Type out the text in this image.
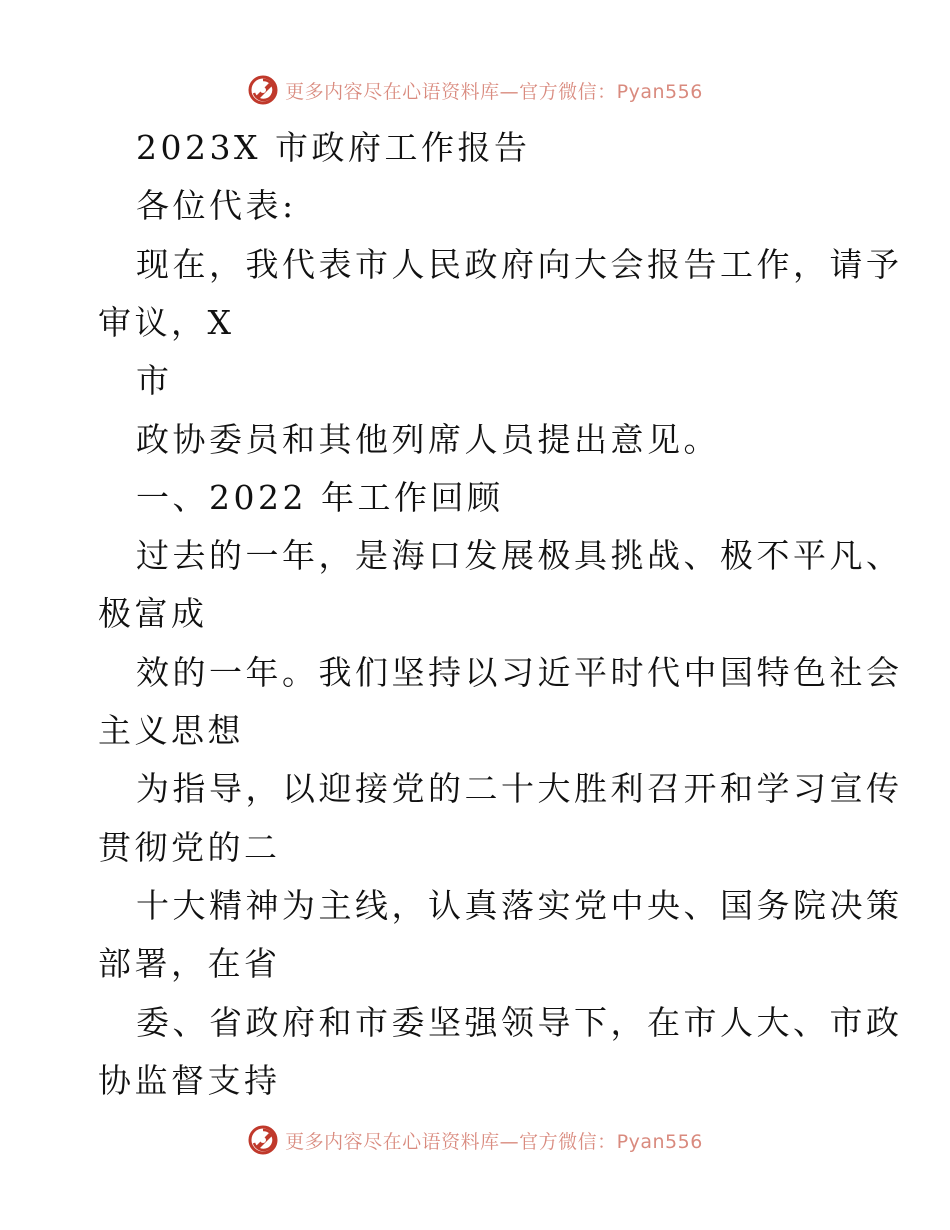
更多内容尽在心语资料库—官方微信：Pyan556
2023X 市政府工作报告
各位代表:
现在，我代表市人民政府向大会报告工作，请予
审议，X
市
政协委员和其他列席人员提出意见。
一、2022 年工作回顾
过去的一年，是海口发展极具挑战、极不平凡、
极富成
效的一年。我们坚持以习近平时代中国特色社会
主义思想
为指导，以迎接党的二十大胜利召开和学习宣传
贯彻党的二
十大精神为主线，认真落实党中央、国务院决策
部署，在省
委、省政府和市委坚强领导下，在市人大、市政
协监督支持
更多内容尽在心语资料库—官方微信：Pyan556
